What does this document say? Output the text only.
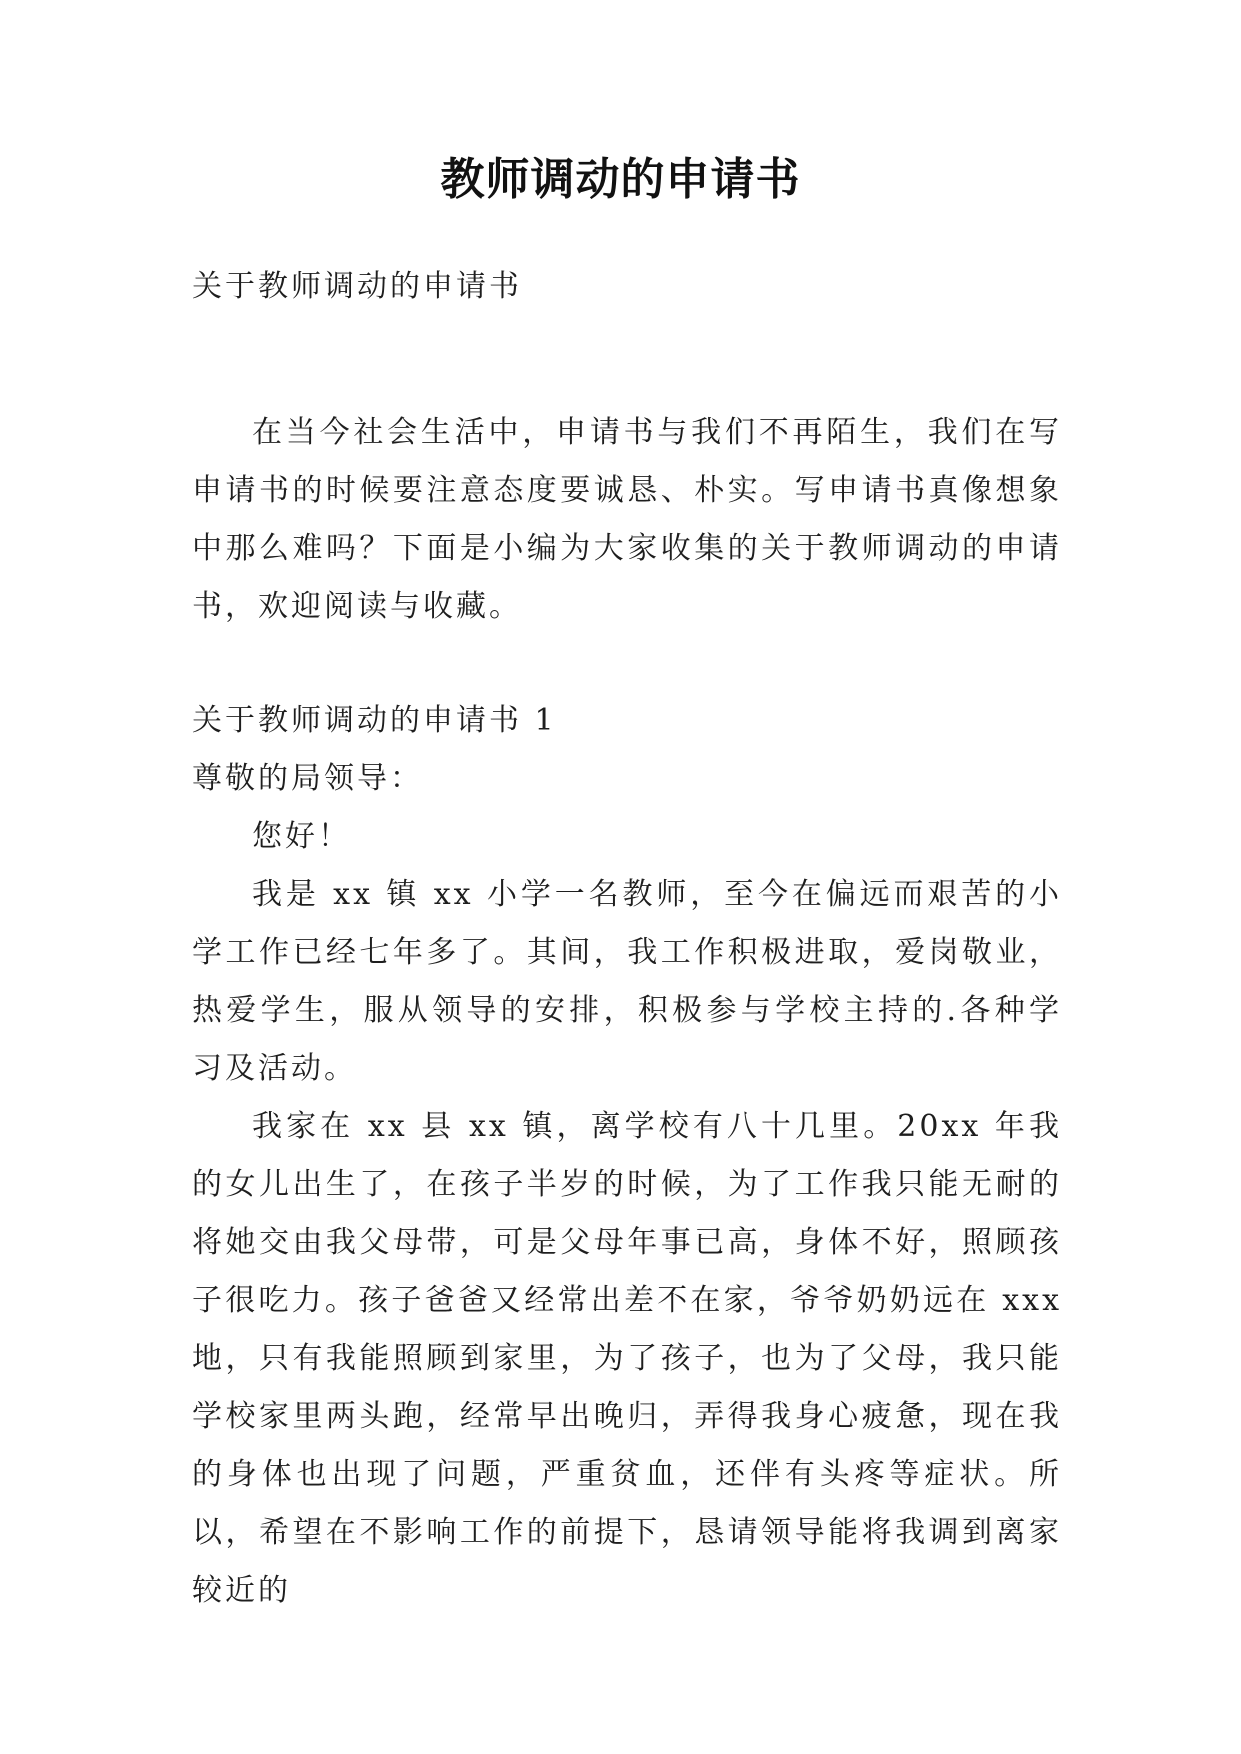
教师调动的申请书

关于教师调动的申请书

在当今社会生活中，申请书与我们不再陌生，我们在写申请书的时候要注意态度要诚恳、朴实。写申请书真像想象中那么难吗？下面是小编为大家收集的关于教师调动的申请书，欢迎阅读与收藏。

关于教师调动的申请书 1

尊敬的局领导：

您好！

我是 xx 镇 xx 小学一名教师，至今在偏远而艰苦的小学工作已经七年多了。其间，我工作积极进取，爱岗敬业，热爱学生，服从领导的安排，积极参与学校主持的.各种学习及活动。

我家在 xx 县 xx 镇，离学校有八十几里。20xx 年我的女儿出生了，在孩子半岁的时候，为了工作我只能无耐的将她交由我父母带，可是父母年事已高，身体不好，照顾孩子很吃力。孩子爸爸又经常出差不在家，爷爷奶奶远在 xxx 地，只有我能照顾到家里，为了孩子，也为了父母，我只能学校家里两头跑，经常早出晚归，弄得我身心疲惫，现在我的身体也出现了问题，严重贫血，还伴有头疼等症状。所以，希望在不影响工作的前提下，恳请领导能将我调到离家较近的
